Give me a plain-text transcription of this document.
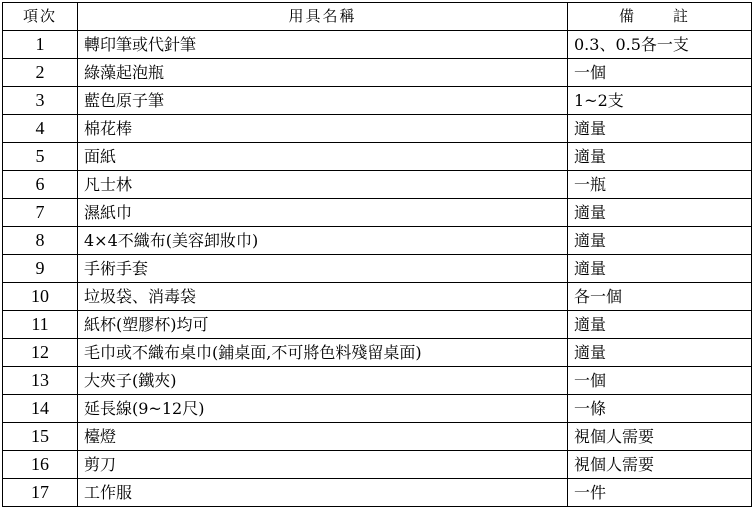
項次	用具名稱	備　註
1	轉印筆或代針筆	0.3、0.5各一支
2	綠藻起泡瓶	一個
3	藍色原子筆	1~2支
4	棉花棒	適量
5	面紙	適量
6	凡士林	一瓶
7	濕紙巾	適量
8	4×4不織布(美容卸妝巾)	適量
9	手術手套	適量
10	垃圾袋、消毒袋	各一個
11	紙杯(塑膠杯)均可	適量
12	毛巾或不織布桌巾(鋪桌面,不可將色料殘留桌面)	適量
13	大夾子(鐵夾)	一個
14	延長線(9~12尺)	一條
15	檯燈	視個人需要
16	剪刀	視個人需要
17	工作服	一件
